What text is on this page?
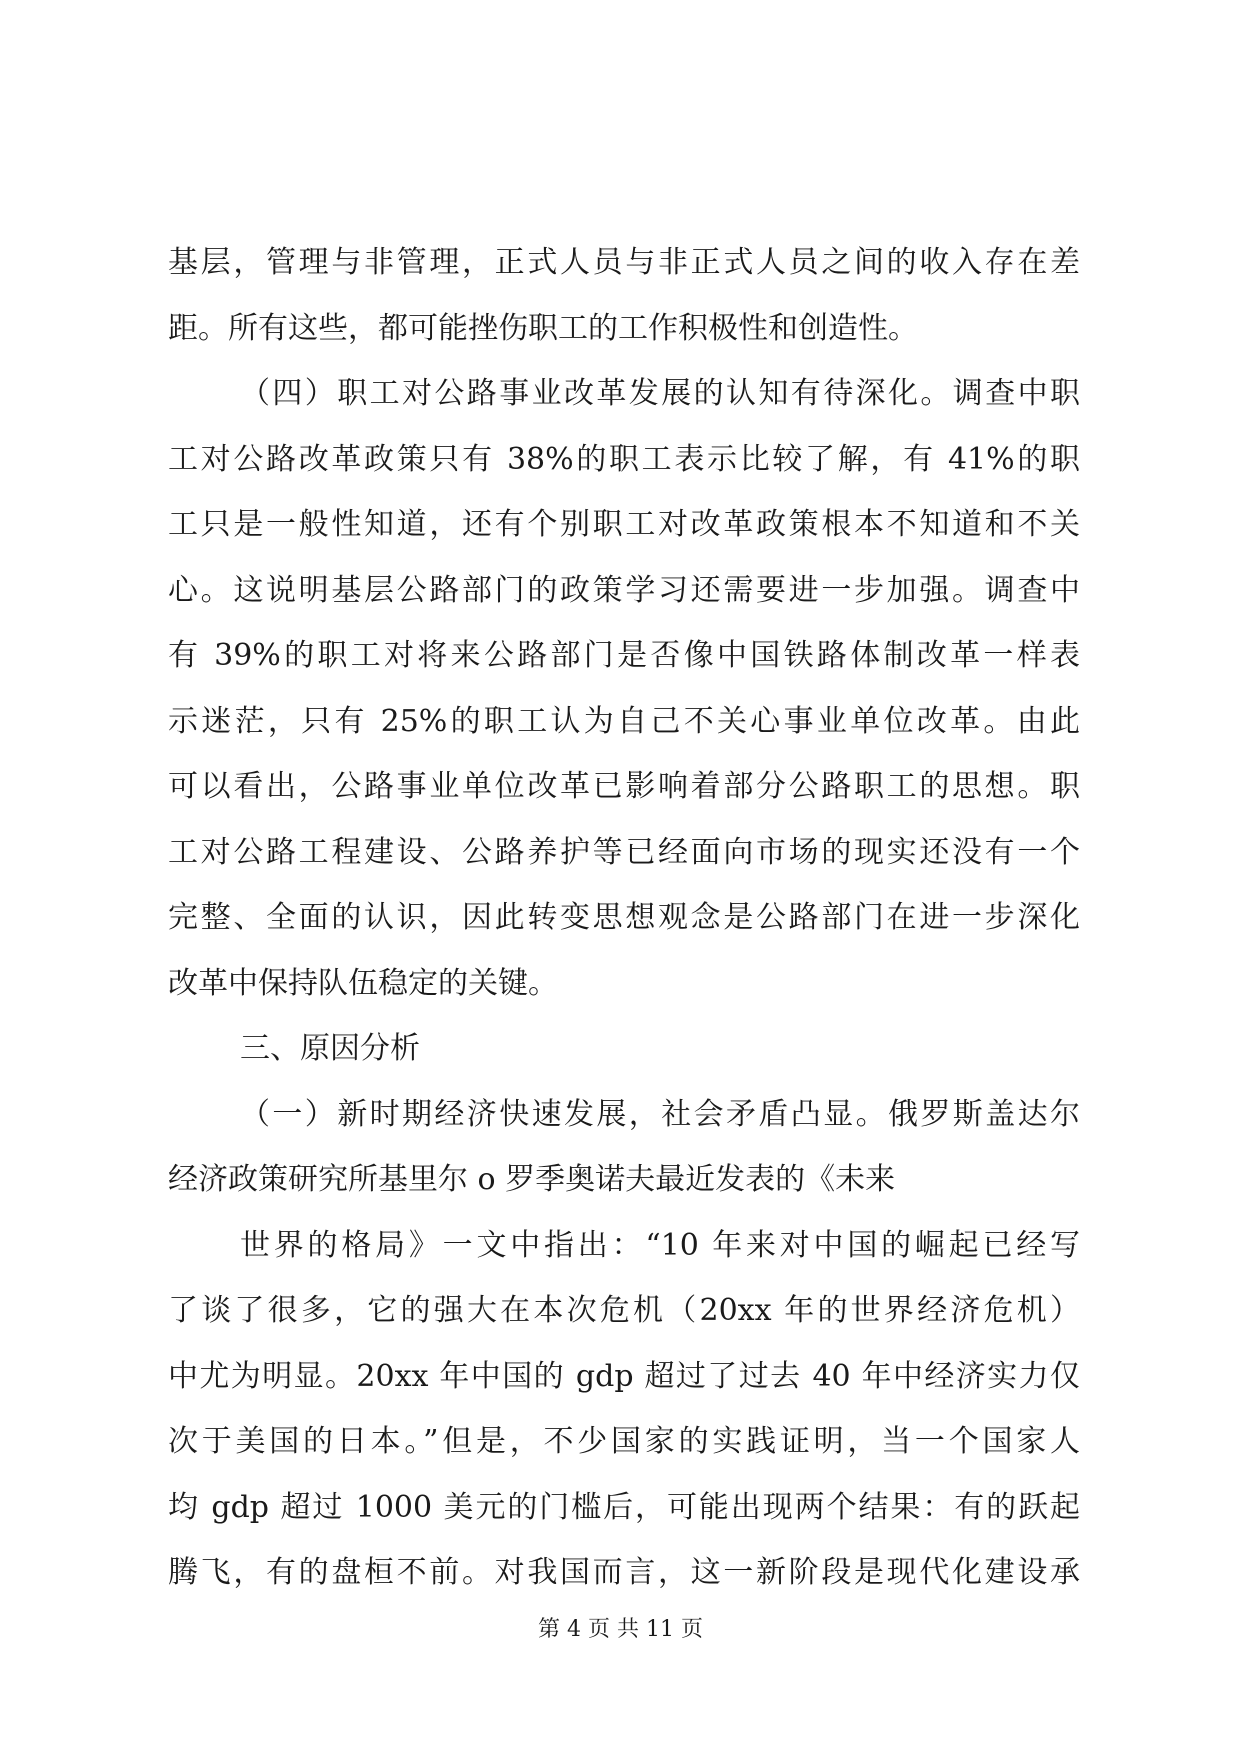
基层，管理与非管理，正式人员与非正式人员之间的收入存在差
距。所有这些，都可能挫伤职工的工作积极性和创造性。
（四）职工对公路事业改革发展的认知有待深化。调查中职
工对公路改革政策只有 38%的职工表示比较了解，有 41%的职
工只是一般性知道，还有个别职工对改革政策根本不知道和不关
心。这说明基层公路部门的政策学习还需要进一步加强。调查中
有 39%的职工对将来公路部门是否像中国铁路体制改革一样表
示迷茫，只有 25%的职工认为自己不关心事业单位改革。由此
可以看出，公路事业单位改革已影响着部分公路职工的思想。职
工对公路工程建设、公路养护等已经面向市场的现实还没有一个
完整、全面的认识，因此转变思想观念是公路部门在进一步深化
改革中保持队伍稳定的关键。
三、原因分析
（一）新时期经济快速发展，社会矛盾凸显。俄罗斯盖达尔
经济政策研究所基里尔 o 罗季奥诺夫最近发表的《未来
世界的格局》一文中指出：“10 年来对中国的崛起已经写
了谈了很多，它的强大在本次危机（20xx 年的世界经济危机）
中尤为明显。20xx 年中国的 gdp 超过了过去 40 年中经济实力仅
次于美国的日本。”但是，不少国家的实践证明，当一个国家人
均 gdp 超过 1000 美元的门槛后，可能出现两个结果：有的跃起
腾飞，有的盘桓不前。对我国而言，这一新阶段是现代化建设承
第 4 页 共 11 页
